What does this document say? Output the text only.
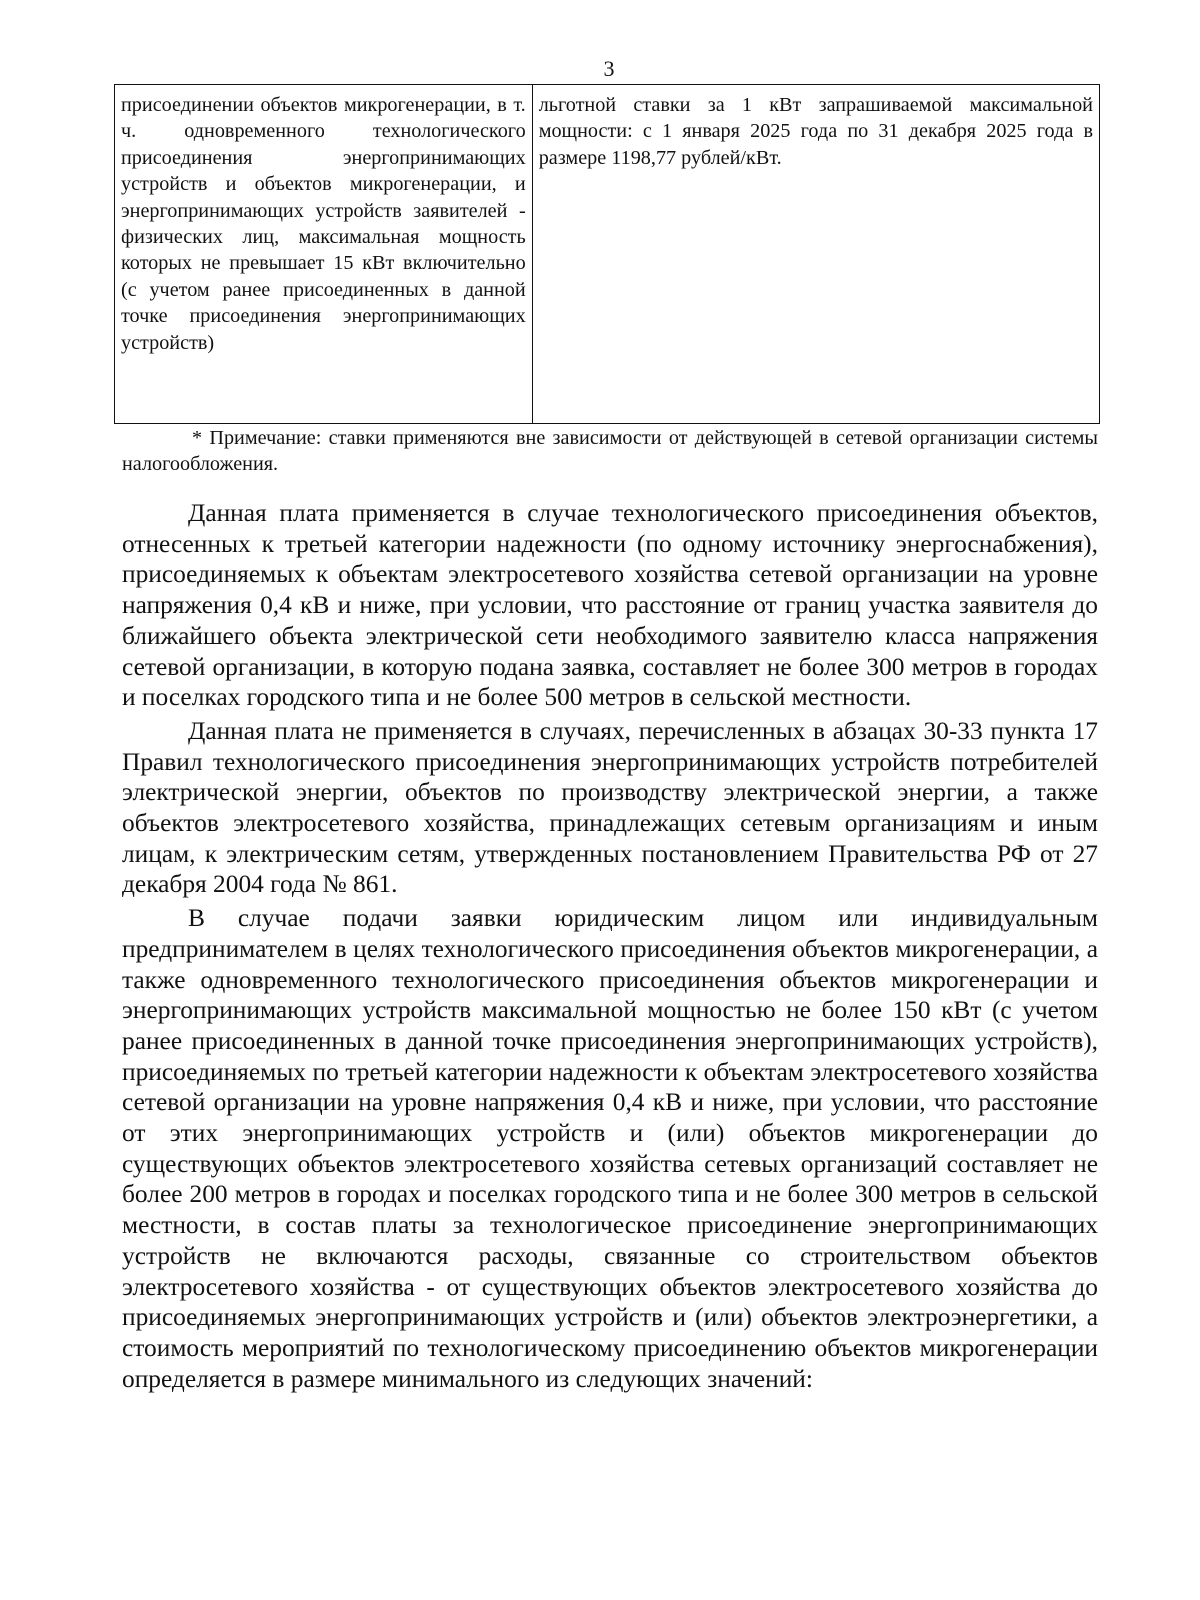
3
присоединении объектов микрогенерации, в т. ч. одновременного технологического присоединения энергопринимающих устройств и объектов микрогенерации, и энергопринимающих устройств заявителей - физических лиц, максимальная мощность которых не превышает 15 кВт включительно (с учетом ранее присоединенных в данной точке присоединения энергопринимающих устройств)	льготной ставки за 1 кВт запрашиваемой максимальной мощности: с 1 января 2025 года по 31 декабря 2025 года в размере 1198,77 рублей/кВт.
* Примечание: ставки применяются вне зависимости от действующей в сетевой организации системы налогообложения.

Данная плата применяется в случае технологического присоединения объектов, отнесенных к третьей категории надежности (по одному источнику энергоснабжения), присоединяемых к объектам электросетевого хозяйства сетевой организации на уровне напряжения 0,4 кВ и ниже, при условии, что расстояние от границ участка заявителя до ближайшего объекта электрической сети необходимого заявителю класса напряжения сетевой организации, в которую подана заявка, составляет не более 300 метров в городах и поселках городского типа и не более 500 метров в сельской местности.

Данная плата не применяется в случаях, перечисленных в абзацах 30-33 пункта 17 Правил технологического присоединения энергопринимающих устройств потребителей электрической энергии, объектов по производству электрической энергии, а также объектов электросетевого хозяйства, принадлежащих сетевым организациям и иным лицам, к электрическим сетям, утвержденных постановлением Правительства РФ от 27 декабря 2004 года № 861.

В случае подачи заявки юридическим лицом или индивидуальным предпринимателем в целях технологического присоединения объектов микрогенерации, а также одновременного технологического присоединения объектов микрогенерации и энергопринимающих устройств максимальной мощностью не более 150 кВт (с учетом ранее присоединенных в данной точке присоединения энергопринимающих устройств), присоединяемых по третьей категории надежности к объектам электросетевого хозяйства сетевой организации на уровне напряжения 0,4 кВ и ниже, при условии, что расстояние от этих энергопринимающих устройств и (или) объектов микрогенерации до существующих объектов электросетевого хозяйства сетевых организаций составляет не более 200 метров в городах и поселках городского типа и не более 300 метров в сельской местности, в состав платы за технологическое присоединение энергопринимающих устройств не включаются расходы, связанные со строительством объектов электросетевого хозяйства - от существующих объектов электросетевого хозяйства до присоединяемых энергопринимающих устройств и (или) объектов электроэнергетики, а стоимость мероприятий по технологическому присоединению объектов микрогенерации определяется в размере минимального из следующих значений:
